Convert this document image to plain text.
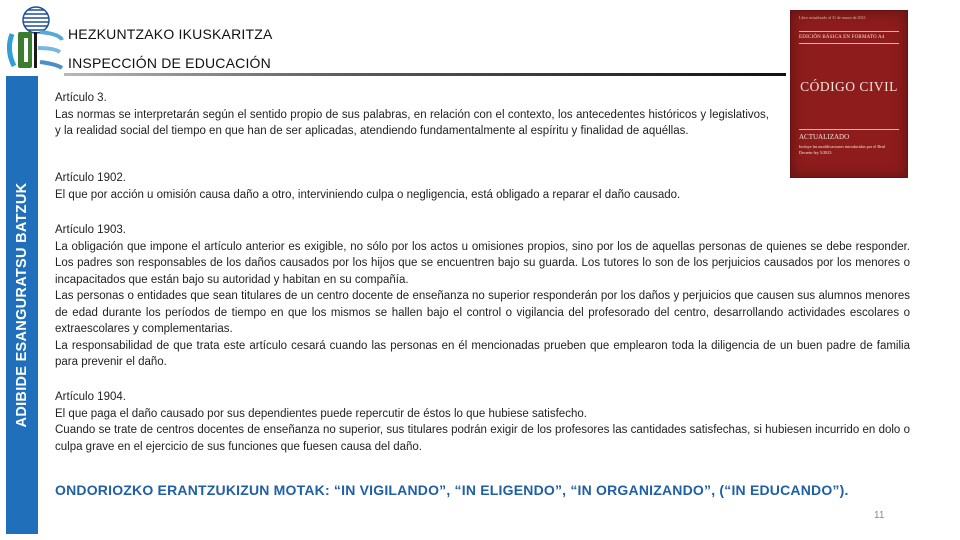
HEZKUNTZAKO IKUSKARITZA
INSPECCIÓN DE EDUCACIÓN
ADIBIDE ESANGURATSU BATZUK
Libro actualizado al 31 de marzo de 2023
EDICIÓN BÁSICA EN FORMATO A4
CÓDIGO CIVIL
ACTUALIZADO
Incluye las modificaciones introducidas por el Real Decreto-ley 5/2023

Artículo 3.

Las normas se interpretarán según el sentido propio de sus palabras, en relación con el contexto, los antecedentes históricos y legislativos, y la realidad social del tiempo en que han de ser aplicadas, atendiendo fundamentalmente al espíritu y finalidad de aquéllas.

Artículo 1902.

El que por acción u omisión causa daño a otro, interviniendo culpa o negligencia, está obligado a reparar el daño causado.

Artículo 1903.

La obligación que impone el artículo anterior es exigible, no sólo por los actos u omisiones propios, sino por los de aquellas personas de quienes se debe responder. Los padres son responsables de los daños causados por los hijos que se encuentren bajo su guarda. Los tutores lo son de los perjuicios causados por los menores o incapacitados que están bajo su autoridad y habitan en su compañía.

Las personas o entidades que sean titulares de un centro docente de enseñanza no superior responderán por los daños y perjuicios que causen sus alumnos menores de edad durante los períodos de tiempo en que los mismos se hallen bajo el control o vigilancia del profesorado del centro, desarrollando actividades escolares o extraescolares y complementarias.

La responsabilidad de que trata este artículo cesará cuando las personas en él mencionadas prueben que emplearon toda la diligencia de un buen padre de familia para prevenir el daño.

Artículo 1904.

El que paga el daño causado por sus dependientes puede repercutir de éstos lo que hubiese satisfecho.

Cuando se trate de centros docentes de enseñanza no superior, sus titulares podrán exigir de los profesores las cantidades satisfechas, si hubiesen incurrido en dolo o culpa grave en el ejercicio de sus funciones que fuesen causa del daño.

ONDORIOZKO ERANTZUKIZUN MOTAK: “IN VIGILANDO”, “IN ELIGENDO”, “IN ORGANIZANDO”, (“IN EDUCANDO”).
11
